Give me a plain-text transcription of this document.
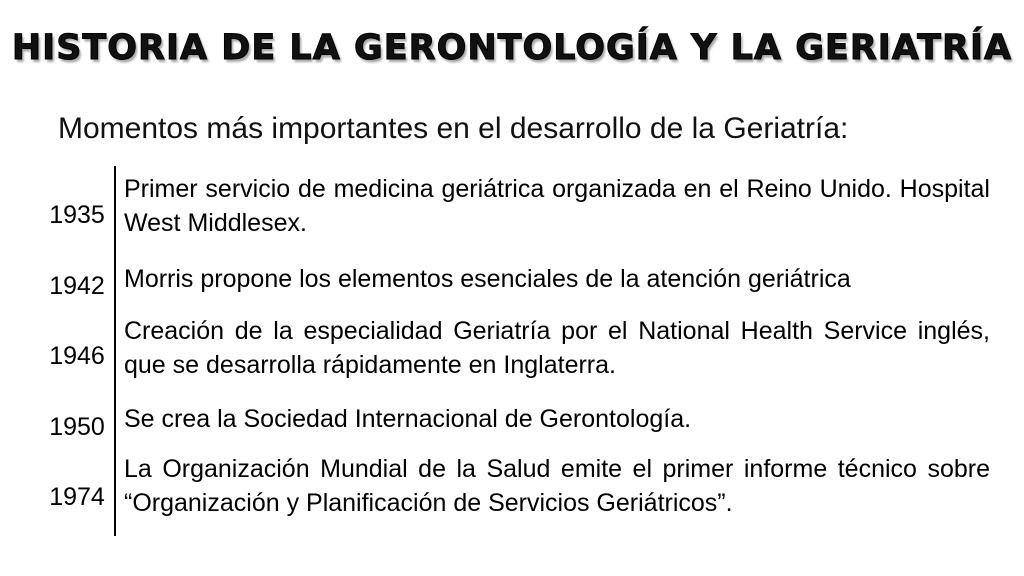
HISTORIA DE LA GERONTOLOGÍA Y LA GERIATRÍA
Momentos más importantes en el desarrollo de la Geriatría:
1935
Primer servicio de medicina geriátrica organizada en el Reino Unido. Hospital West Middlesex.
1942 Morris propone los elementos esenciales de la atención geriátrica
1946
Creación de la especialidad Geriatría por el National Health Service inglés, que se desarrolla rápidamente en Inglaterra.
1950 Se crea la Sociedad Internacional de Gerontología.
1974
La Organización Mundial de la Salud emite el primer informe técnico sobre “Organización y Planificación de Servicios Geriátricos”.
